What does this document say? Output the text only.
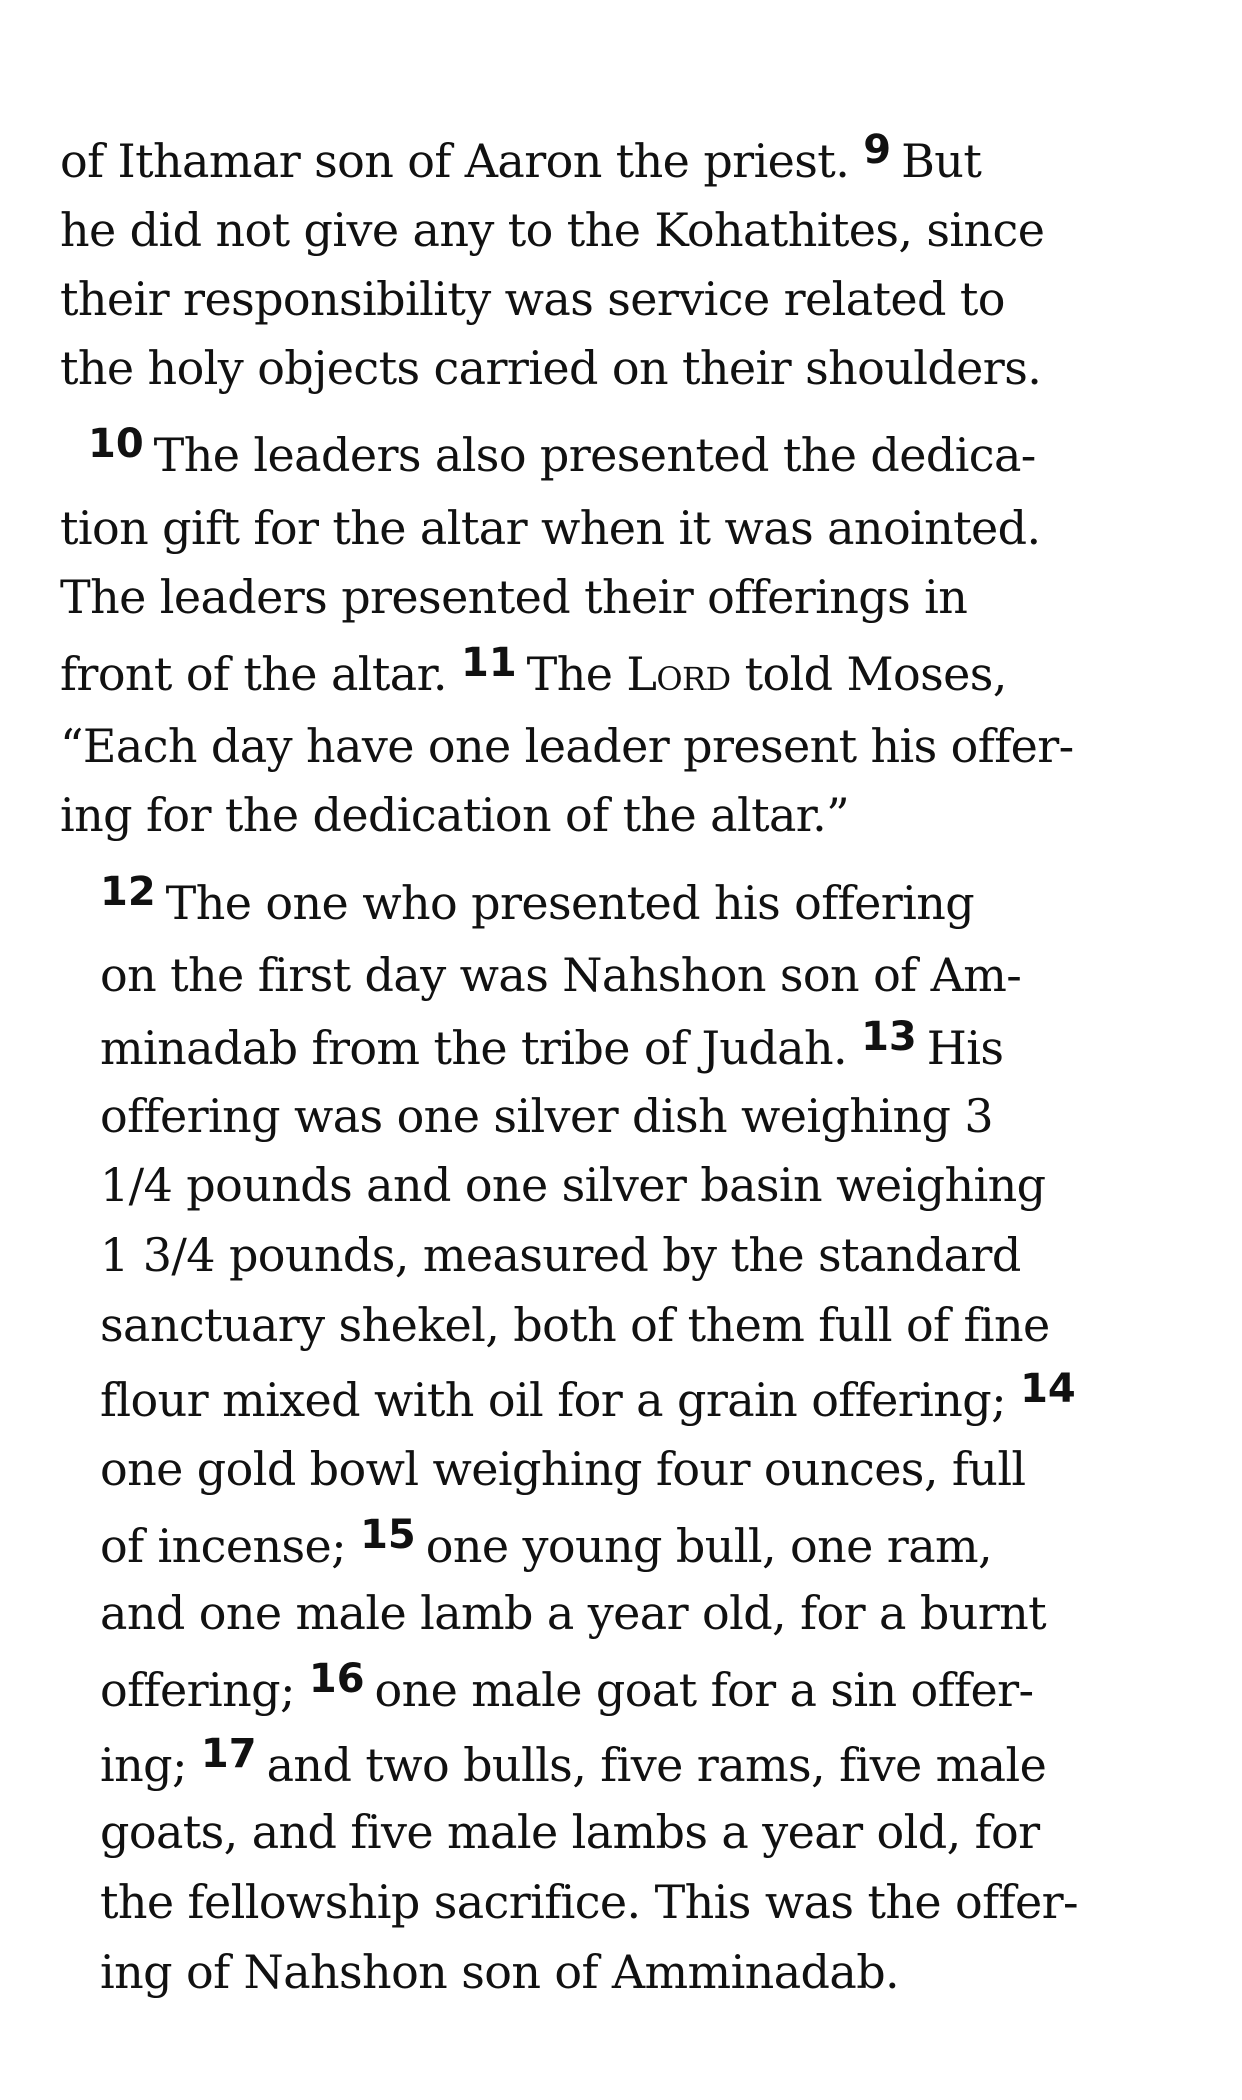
of Ithamar son of Aaron the priest. 9 But
he did not give any to the Kohathites, since
their responsibility was service related to
the holy objects carried on their shoulders.
10 The leaders also presented the dedica-
tion gift for the altar when it was anointed.
The leaders presented their offerings in
front of the altar. 11 The Lord told Moses,
“Each day have one leader present his offer-
ing for the dedication of the altar.”
12 The one who presented his offering
on the first day was Nahshon son of Am-
minadab from the tribe of Judah. 13 His
offering was one silver dish weighing 3
1/4 pounds and one silver basin weighing
1 3/4 pounds, measured by the standard
sanctuary shekel, both of them full of fine
flour mixed with oil for a grain offering; 14
one gold bowl weighing four ounces, full
of incense; 15 one young bull, one ram,
and one male lamb a year old, for a burnt
offering; 16 one male goat for a sin offer-
ing; 17 and two bulls, five rams, five male
goats, and five male lambs a year old, for
the fellowship sacrifice. This was the offer-
ing of Nahshon son of Amminadab.
